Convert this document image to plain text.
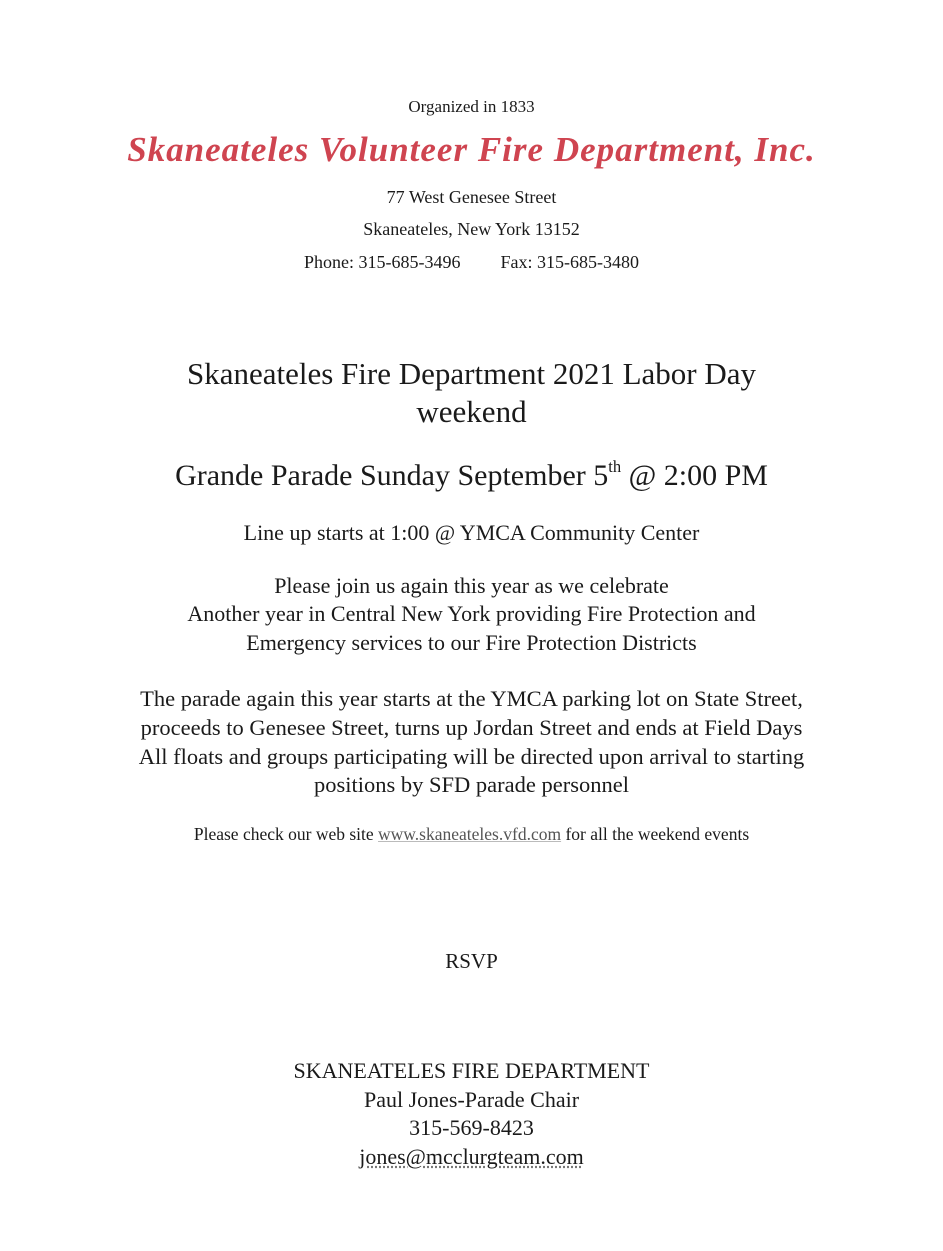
Organized in 1833
Skaneateles Volunteer Fire Department, Inc.
77 West Genesee Street
Skaneateles, New York 13152
Phone: 315-685-3496 Fax: 315-685-3480
Skaneateles Fire Department 2021 Labor Day
weekend
Grande Parade Sunday September 5th @ 2:00 PM
Line up starts at 1:00 @ YMCA Community Center
Please join us again this year as we celebrate
Another year in Central New York providing Fire Protection and
Emergency services to our Fire Protection Districts
The parade again this year starts at the YMCA parking lot on State Street,
proceeds to Genesee Street, turns up Jordan Street and ends at Field Days
All floats and groups participating will be directed upon arrival to starting
positions by SFD parade personnel
Please check our web site www.skaneateles.vfd.com for all the weekend events
RSVP
SKANEATELES FIRE DEPARTMENT
Paul Jones-Parade Chair
315-569-8423
jones@mcclurgteam.com
